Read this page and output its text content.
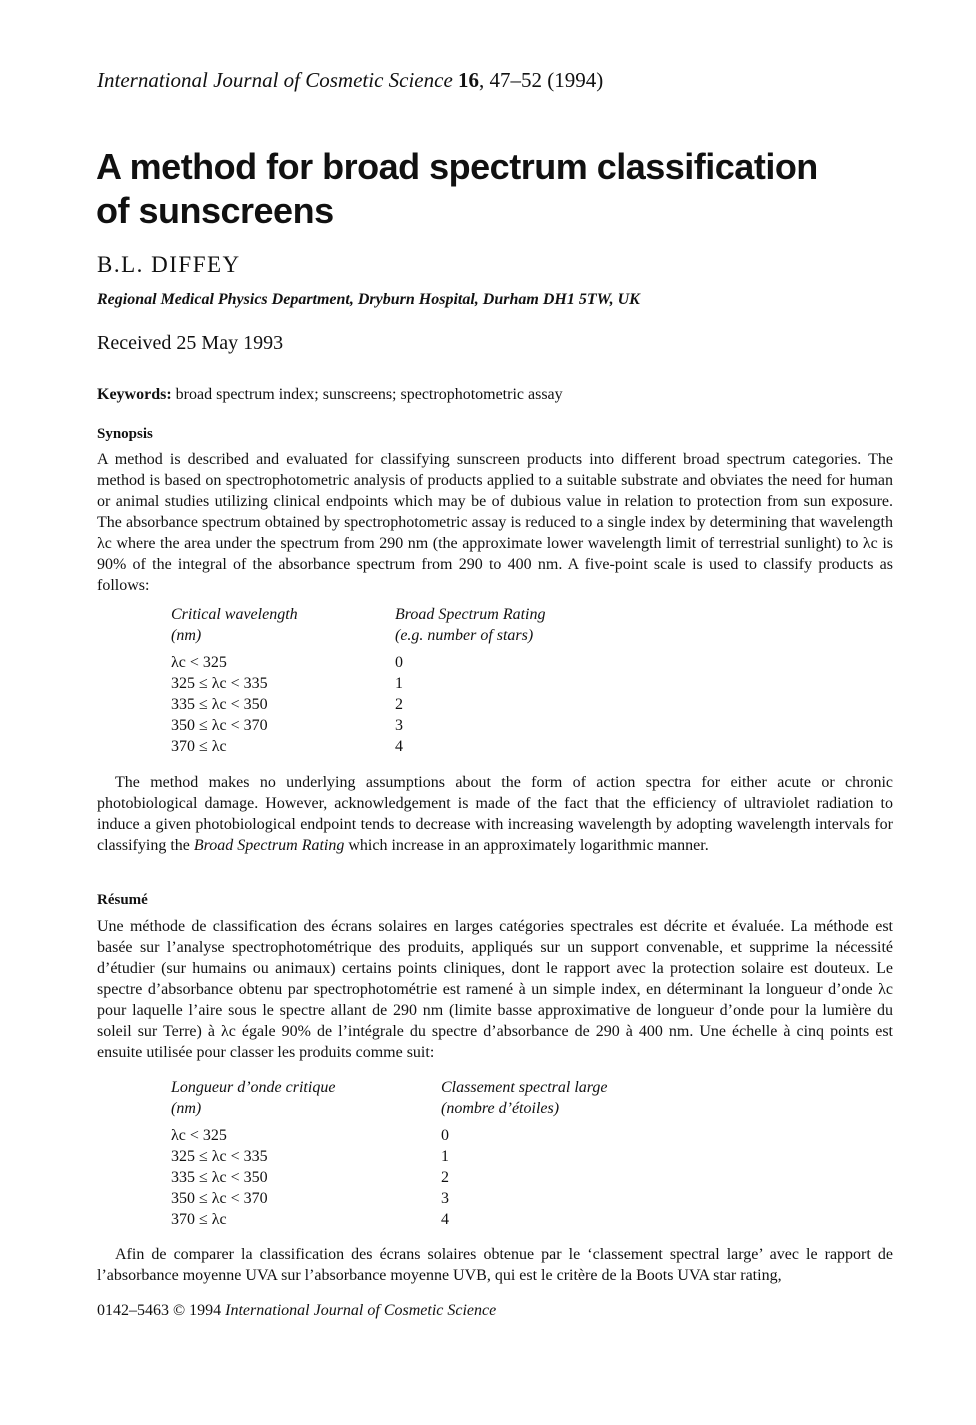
International Journal of Cosmetic Science 16, 47–52 (1994)
A method for broad spectrum classification
of sunscreens
B.L. DIFFEY
Regional Medical Physics Department, Dryburn Hospital, Durham DH1 5TW, UK
Received 25 May 1993
Keywords: broad spectrum index; sunscreens; spectrophotometric assay
Synopsis

A method is described and evaluated for classifying sunscreen products into different broad spectrum categories. The method is based on spectrophotometric analysis of products applied to a suitable substrate and obviates the need for human or animal studies utilizing clinical endpoints which may be of dubious value in relation to protection from sun exposure. The absorbance spectrum obtained by spectrophotometric assay is reduced to a single index by determining that wavelength λc where the area under the spectrum from 290 nm (the approximate lower wavelength limit of terrestrial sunlight) to λc is 90% of the integral of the absorbance spectrum from 290 to 400 nm. A five-point scale is used to classify products as follows:

Critical wavelength	Broad Spectrum Rating
(nm)	(e.g. number of stars)

λc < 325	0
325 ≤ λc < 335	1
335 ≤ λc < 350	2
350 ≤ λc < 370	3
370 ≤ λc	4

The method makes no underlying assumptions about the form of action spectra for either acute or chronic photobiological damage. However, acknowledgement is made of the fact that the efficiency of ultraviolet radiation to induce a given photobiological endpoint tends to decrease with increasing wavelength by adopting wavelength intervals for classifying the Broad Spectrum Rating which increase in an approximately logarithmic manner.

Résumé

Une méthode de classification des écrans solaires en larges catégories spectrales est décrite et évaluée. La méthode est basée sur l’analyse spectrophotométrique des produits, appliqués sur un support convenable, et supprime la nécessité d’étudier (sur humains ou animaux) certains points cliniques, dont le rapport avec la protection solaire est douteux. Le spectre d’absorbance obtenu par spectrophotométrie est ramené à un simple index, en déterminant la longueur d’onde λc pour laquelle l’aire sous le spectre allant de 290 nm (limite basse approximative de longueur d’onde pour la lumière du soleil sur Terre) à λc égale 90% de l’intégrale du spectre d’absorbance de 290 à 400 nm. Une échelle à cinq points est ensuite utilisée pour classer les produits comme suit:

Longueur d’onde critique	Classement spectral large
(nm)	(nombre d’étoiles)

λc < 325	0
325 ≤ λc < 335	1
335 ≤ λc < 350	2
350 ≤ λc < 370	3
370 ≤ λc	4

Afin de comparer la classification des écrans solaires obtenue par le ‘classement spectral large’ avec le rapport de l’absorbance moyenne UVA sur l’absorbance moyenne UVB, qui est le critère de la Boots UVA star rating,

0142–5463 © 1994 International Journal of Cosmetic Science
